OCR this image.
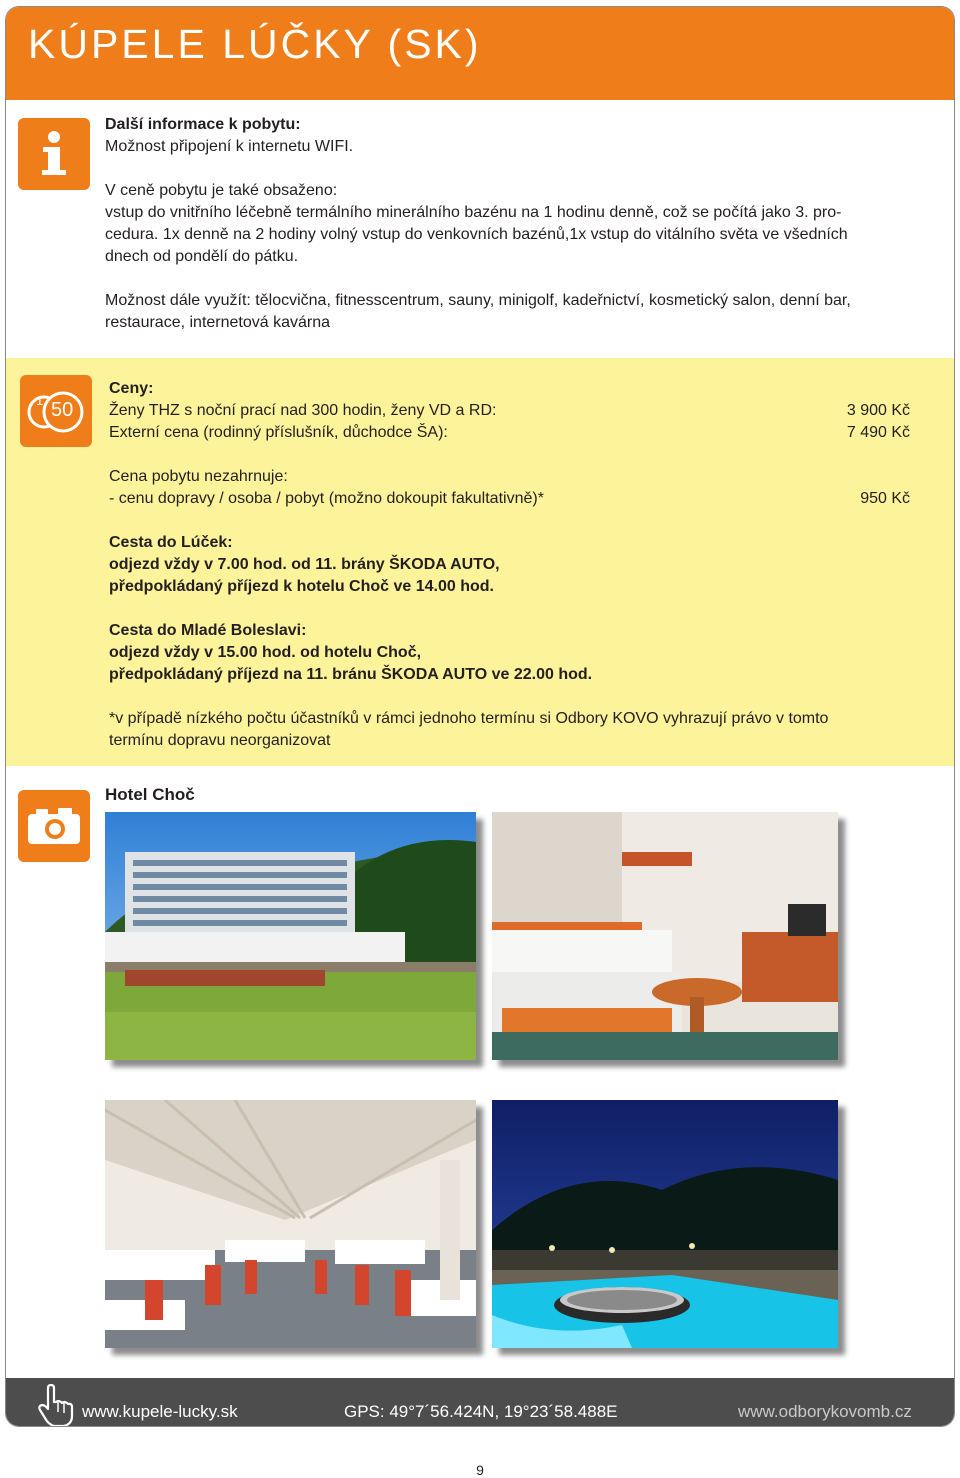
KÚPELE LÚČKY (SK)
Další informace k pobytu:
Možnost připojení k internetu WIFI.
V ceně pobytu je také obsaženo:
vstup do vnitřního léčebně termálního minerálního bazénu na 1 hodinu denně, což se počítá jako 3. pro-
cedura. 1x denně na 2 hodiny volný vstup do venkovních bazénů,1x vstup do vitálního světa ve všedních
dnech od pondělí do pátku.
Možnost dále využít: tělocvična, fitnesscentrum, sauny, minigolf, kadeřnictví, kosmetický salon, denní bar,
restaurace, internetová kavárna
1 50
Ceny:
Ženy THZ s noční prací nad 300 hodin, ženy VD a RD:
Externí cena (rodinný příslušník, důchodce ŠA):
Cena pobytu nezahrnuje:
- cenu dopravy / osoba / pobyt (možno dokoupit fakultativně)*
Cesta do Lúček:
odjezd vždy v 7.00 hod. od 11. brány ŠKODA AUTO,
předpokládaný příjezd k hotelu Choč ve 14.00 hod.
Cesta do Mladé Boleslavi:
odjezd vždy v 15.00 hod. od hotelu Choč,
předpokládaný příjezd na 11. bránu ŠKODA AUTO ve 22.00 hod.
*v případě nízkého počtu účastníků v rámci jednoho termínu si Odbory KOVO vyhrazují právo v tomto
termínu dopravu neorganizovat
3 900 Kč
7 490 Kč
950 Kč
Hotel Choč
www.kupele-lucky.sk	GPS: 49°7´56.424N, 19°23´58.488E	www.odborykovomb.cz
9
